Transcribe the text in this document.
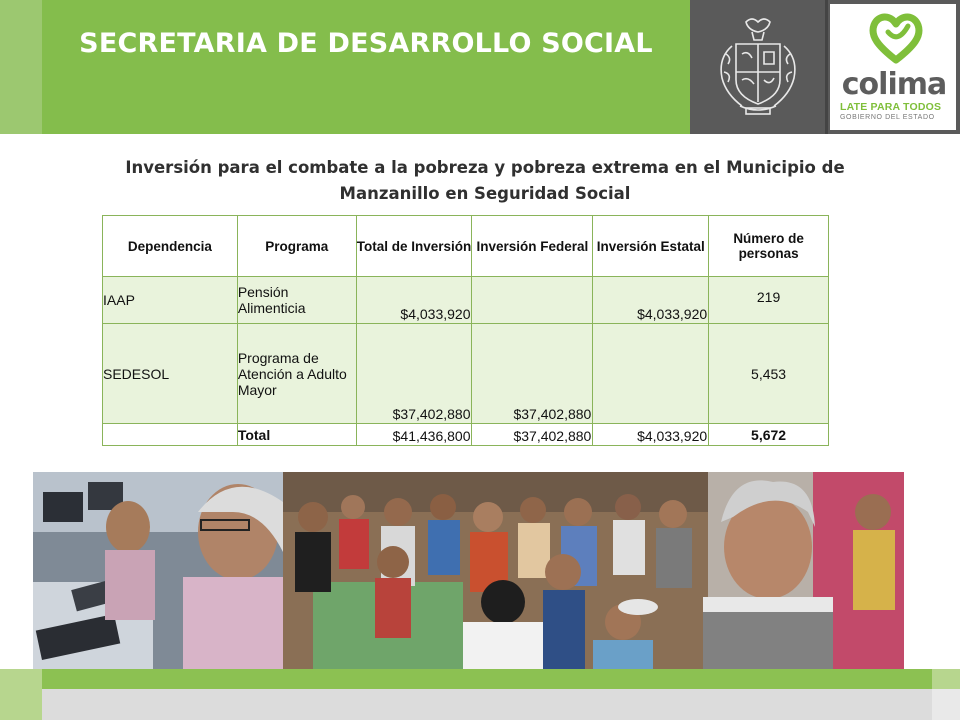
SECRETARIA DE DESARROLLO SOCIAL
colima
LATE PARA TODOS
GOBIERNO DEL ESTADO
Inversión para el combate a la pobreza y pobreza extrema en el Municipio de
Manzanillo en Seguridad Social
Dependencia	Programa	Total de Inversión	Inversión Federal	Inversión Estatal	Número de personas
IAAP	Pensión Alimenticia	$4,033,920		$4,033,920	219
SEDESOL	Programa de Atención a Adulto Mayor	$37,402,880	$37,402,880		5,453
	Total	$41,436,800	$37,402,880	$4,033,920	5,672
